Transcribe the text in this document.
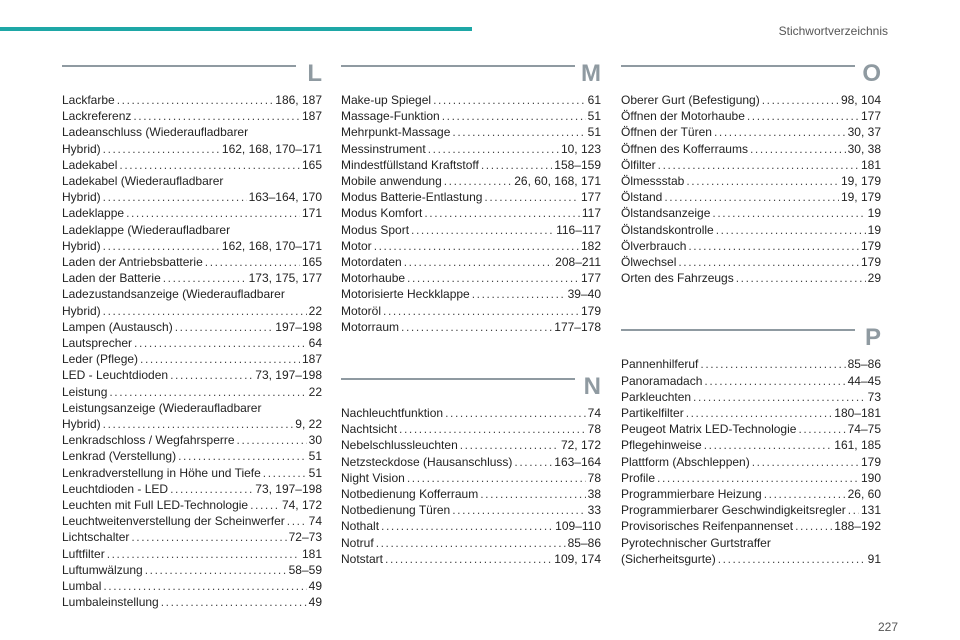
Stichwortverzeichnis
L
Lackfarbe .....	186, 187
Lackreferenz .....	187
Ladeanschluss (Wiederaufladbarer
Hybrid) .....	162, 168, 170–171
Ladekabel .....	165
Ladekabel (Wiederaufladbarer
Hybrid) .....	163–164, 170
Ladeklappe .....	171
Ladeklappe (Wiederaufladbarer
Hybrid) .....	162, 168, 170–171
Laden der Antriebsbatterie .....	165
Laden der Batterie .....	173, 175, 177
Ladezustandsanzeige (Wiederaufladbarer
Hybrid) .....	22
Lampen (Austausch) .....	197–198
Lautsprecher .....	64
Leder (Pflege) .....	187
LED - Leuchtdioden .....	73, 197–198
Leistung .....	22
Leistungsanzeige (Wiederaufladbarer
Hybrid) .....	9, 22
Lenkradschloss / Wegfahrsperre .....	30
Lenkrad (Verstellung) .....	51
Lenkradverstellung in Höhe und Tiefe .....	51
Leuchtdioden - LED .....	73, 197–198
Leuchten mit Full LED-Technologie .....	74, 172
Leuchtweitenverstellung der Scheinwerfer ..... 74
Lichtschalter .....	72–73
Luftfilter .....	181
Luftumwälzung .....	58–59
Lumbal .....	49
Lumbaleinstellung .....	49
M
Make-up Spiegel .....	61
Massage-Funktion .....	51
Mehrpunkt-Massage .....	51
Messinstrument .....	10, 123
Mindestfüllstand Kraftstoff .....	158–159
Mobile anwendung .....	26, 60, 168, 171
Modus Batterie-Entlastung .....	177
Modus Komfort .....	117
Modus Sport .....	116–117
Motor .....	182
Motordaten .....	208–211
Motorhaube .....	177
Motorisierte Heckklappe .....	39–40
Motoröl .....	179
Motorraum .....	177–178
N
Nachleuchtfunktion .....	74
Nachtsicht .....	78
Nebelschlussleuchten .....	72, 172
Netzsteckdose (Hausanschluss) .....	163–164
Night Vision .....	78
Notbedienung Kofferraum .....	38
Notbedienung Türen .....	33
Nothalt .....	109–110
Notruf .....	85–86
Notstart .....	109, 174
O
Oberer Gurt (Befestigung) .....	98, 104
Öffnen der Motorhaube .....	177
Öffnen der Türen .....	30, 37
Öffnen des Kofferraums .....	30, 38
Ölfilter .....	181
Ölmessstab .....	19, 179
Ölstand .....	19, 179
Ölstandsanzeige .....	19
Ölstandskontrolle .....	19
Ölverbrauch .....	179
Ölwechsel .....	179
Orten des Fahrzeugs .....	29
P
Pannenhilferuf .....	85–86
Panoramadach .....	44–45
Parkleuchten .....	73
Partikelfilter .....	180–181
Peugeot Matrix LED-Technologie .....	74–75
Pflegehinweise .....	161, 185
Plattform (Abschleppen) .....	179
Profile .....	190
Programmierbare Heizung .....	26, 60
Programmierbarer Geschwindigkeitsregler ..... 131
Provisorisches Reifenpannenset .....	188–192
Pyrotechnischer Gurtstraffer
(Sicherheitsgurte) .....	91
227
